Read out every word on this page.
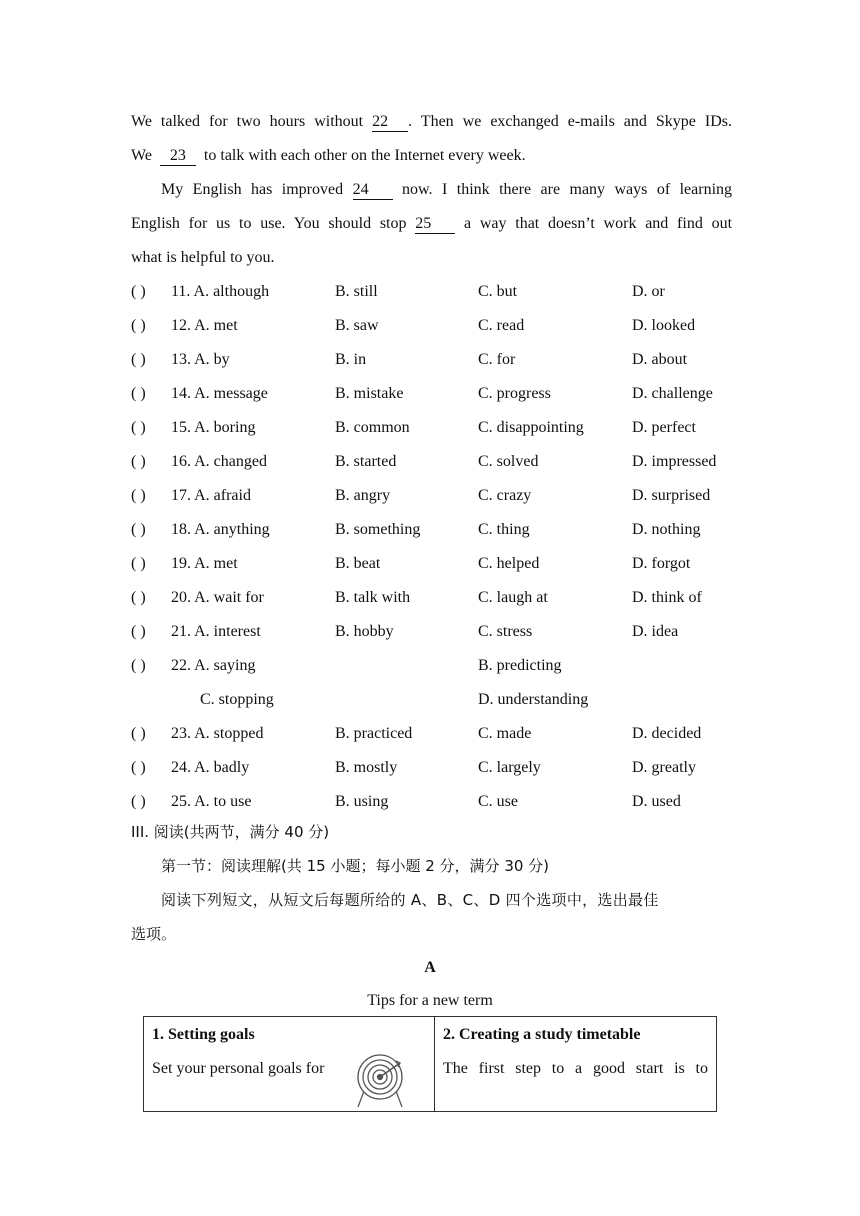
We talked for two hours without 22 . Then we exchanged e-mails and Skype IDs.
We 23 to talk with each other on the Internet every week.
My English has improved 24 now. I think there are many ways of learning
English for us to use. You should stop 25 a way that doesn’t work and find out
what is helpful to you.
( ) 11. A. although	B. still	C. but	D. or
( ) 12. A. met	B. saw	C. read	D. looked
( ) 13. A. by	B. in	C. for	D. about
( ) 14. A. message	B. mistake	C. progress	D. challenge
( ) 15. A. boring	B. common	C. disappointing	D. perfect
( ) 16. A. changed	B. started	C. solved	D. impressed
( ) 17. A. afraid	B. angry	C. crazy	D. surprised
( ) 18. A. anything	B. something	C. thing	D. nothing
( ) 19. A. met	B. beat	C. helped	D. forgot
( ) 20. A. wait for	B. talk with	C. laugh at	D. think of
( ) 21. A. interest	B. hobby	C. stress	D. idea
( ) 22. A. saying	B. predicting
C. stopping	D. understanding
( ) 23. A. stopped	B. practiced	C. made	D. decided
( ) 24. A. badly	B. mostly	C. largely	D. greatly
( ) 25. A. to use	B. using	C. use	D. used
III. 阅读(共两节，满分 40 分)
第一节：阅读理解(共 15 小题；每小题 2 分，满分 30 分)
阅读下列短文，从短文后每题所给的 A、B、C、D 四个选项中，选出最佳
选项。
A
Tips for a new term
1. Setting goals
Set your personal goals for

2. Creating a study timetable
The first step to a good start is to
